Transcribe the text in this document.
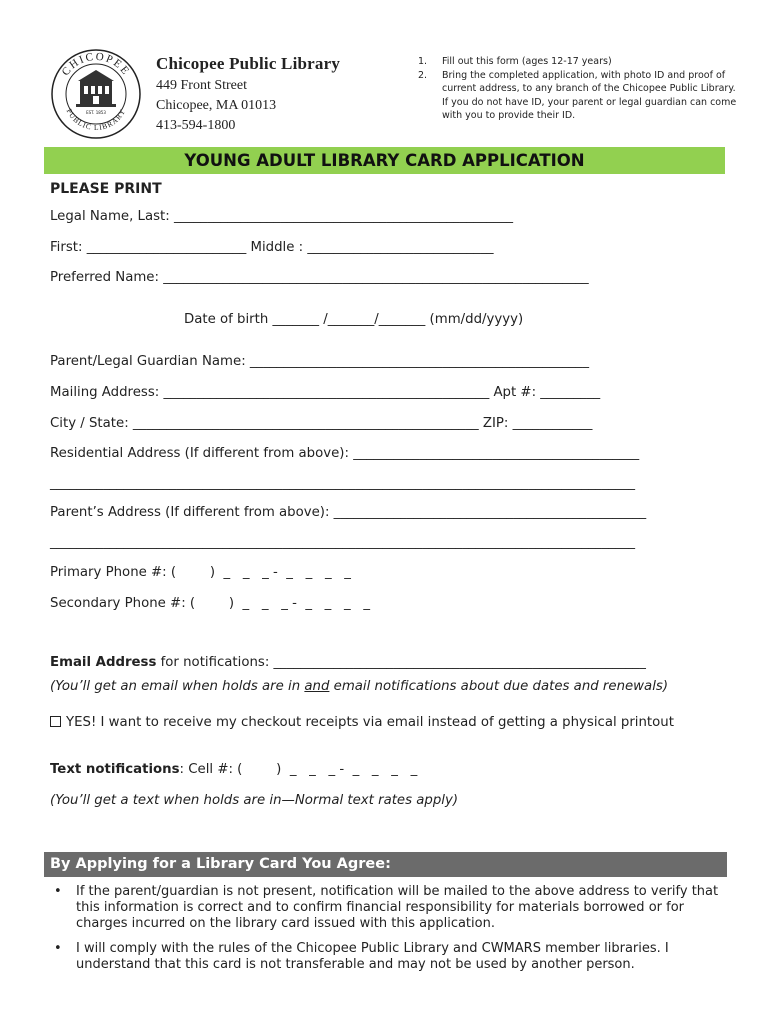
CHICOPEE
PUBLIC LIBRARY
EST. 1853
Chicopee Public Library
449 Front Street
Chicopee, MA 01013
413-594-1800
1. Fill out this form (ages 12-17 years)
2. Bring the completed application, with photo ID and proof of current address, to any branch of the Chicopee Public Library. If you do not have ID, your parent or legal guardian can come with you to provide their ID.
YOUNG ADULT LIBRARY CARD APPLICATION
PLEASE PRINT
Legal Name, Last: ___________________________________________________
First: ________________________ Middle : ____________________________
Preferred Name: ________________________________________________________________
Date of birth _______ /_______/_______ (mm/dd/yyyy)
Parent/Legal Guardian Name: ___________________________________________________
Mailing Address: _________________________________________________ Apt #: _________
City / State: ____________________________________________________ ZIP: ____________
Residential Address (If different from above): ___________________________________________
________________________________________________________________________________________
Parent’s Address (If different from above): _______________________________________________
________________________________________________________________________________________
Primary Phone #: (        )  _   _   _ -  _   _   _   _
Secondary Phone #: (        )  _   _   _ -  _   _   _   _
Email Address for notifications: ________________________________________________________
(You’ll get an email when holds are in and email notifications about due dates and renewals)
YES! I want to receive my checkout receipts via email instead of getting a physical printout
Text notifications: Cell #: (        )  _   _   _ -  _   _   _   _
(You’ll get a text when holds are in—Normal text rates apply)
By Applying for a Library Card You Agree:
• If the parent/guardian is not present, notification will be mailed to the above address to verify that this information is correct and to confirm financial responsibility for materials borrowed or for charges incurred on the library card issued with this application.
• I will comply with the rules of the Chicopee Public Library and CWMARS member libraries. I understand that this card is not transferable and may not be used by another person.
